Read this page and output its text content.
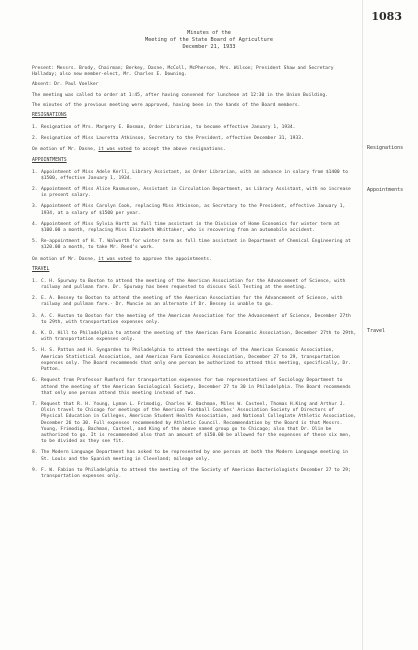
1083
Minutes of the
Meeting of the State Board of Agriculture
December 21, 1933
Resignations
Appointments
Travel
Present: Messrs. Brody, Chairman; Berkey, Dasne, McColl, McPherson, Mrs. Wilson; President Shaw and Secretary Halladay; also new member-elect, Mr. Charles E. Downing.
Absent: Dr. Paul Voelker
The meeting was called to order at 1:45, after having convened for luncheon at 12:30 in the Union Building.
The minutes of the previous meeting were approved, having been in the hands of the Board members.
RESIGNATIONS
1. Resignation of Mrs. Margery E. Bosman, Order Librarian, to become effective January 1, 1934.
2. Resignation of Miss Lauretta Atkinson, Secretary to the President, effective December 31, 1933.
On motion of Mr. Dasne, it was voted to accept the above resignations.
APPOINTMENTS
1. Appointment of Miss Adele Kerll, Library Assistant, as Order Librarian, with an advance in salary from $1400 to $1500, effective January 1, 1934.
2. Appointment of Miss Alice Rasmussen, Assistant in Circulation Department, as Library Assistant, with no increase in present salary.
3. Appointment of Miss Carolyn Cook, replacing Miss Atkinson, as Secretary to the President, effective January 1, 1934, at a salary of $1500 per year.
4. Appointment of Miss Sylvia Hartt as full time assistant in the Division of Home Economics for winter term at $100.00 a month, replacing Miss Elizabeth Whittaker, who is recovering from an automobile accident.
5. Re-appointment of H. T. Walworth for winter term as full time assistant in Department of Chemical Engineering at $120.00 a month, to take Mr. Reed's work.
On motion of Mr. Dasne, it was voted to approve the appointments.
TRAVEL
1. C. H. Spurway to Boston to attend the meeting of the American Association for the Advancement of Science, with railway and pullman fare. Dr. Spurway has been requested to discuss Soil Testing at the meeting.
2. E. A. Bessey to Boston to attend the meeting of the American Association for the Advancement of Science, with railway and pullman fare.- Dr. Muncie as an alternate if Dr. Bessey is unable to go.
3. A. C. Huston to Boston for the meeting of the American Association for the Advancement of Science, December 27th to 29th, with transportation expenses only.
4. K. D. Hill to Philadelphia to attend the meeting of the American Farm Economic Association, December 27th to 29th, with transportation expenses only.
5. H. S. Patton and H. Syngarden to Philadelphia to attend the meetings of the American Economic Association, American Statistical Association, and American Farm Economics Association, December 27 to 29, transportation expenses only. The Board recommends that only one person be authorized to attend this meeting, specifically, Dr. Patton.
6. Request from Professor Rumford for transportation expenses for two representatives of Sociology Department to attend the meeting of the American Sociological Society, December 27 to 30 in Philadelphia. The Board recommends that only one person attend this meeting instead of two.
7. Request that R. H. Young, Lyman L. Frimodig, Charles W. Bachman, Miles W. Casteel, Thomas H.King and Arthur J. Olsin travel to Chicago for meetings of the American Football Coaches' Association Society of Directors of Physical Education in Colleges, American Student Health Association, and National Collegiate Athletic Association, December 26 to 30. Full expenses recommended by Athletic Council. Recommendation by the Board is that Messrs. Young, Frimodig, Bachman, Casteel, and King of the above named group go to Chicago; also that Dr. Olin be authorized to go. It is recommended also that an amount of $150.00 be allowed for the expenses of these six men, to be divided as they see fit.
8. The Modern Language Department has asked to be represented by one person at both the Modern Language meeting in St. Louis and the Spanish meeting in Cleveland; mileage only.
9. F. W. Fabian to Philadelphia to attend the meeting of the Society of American Bacteriologists December 27 to 29; transportation expenses only.
